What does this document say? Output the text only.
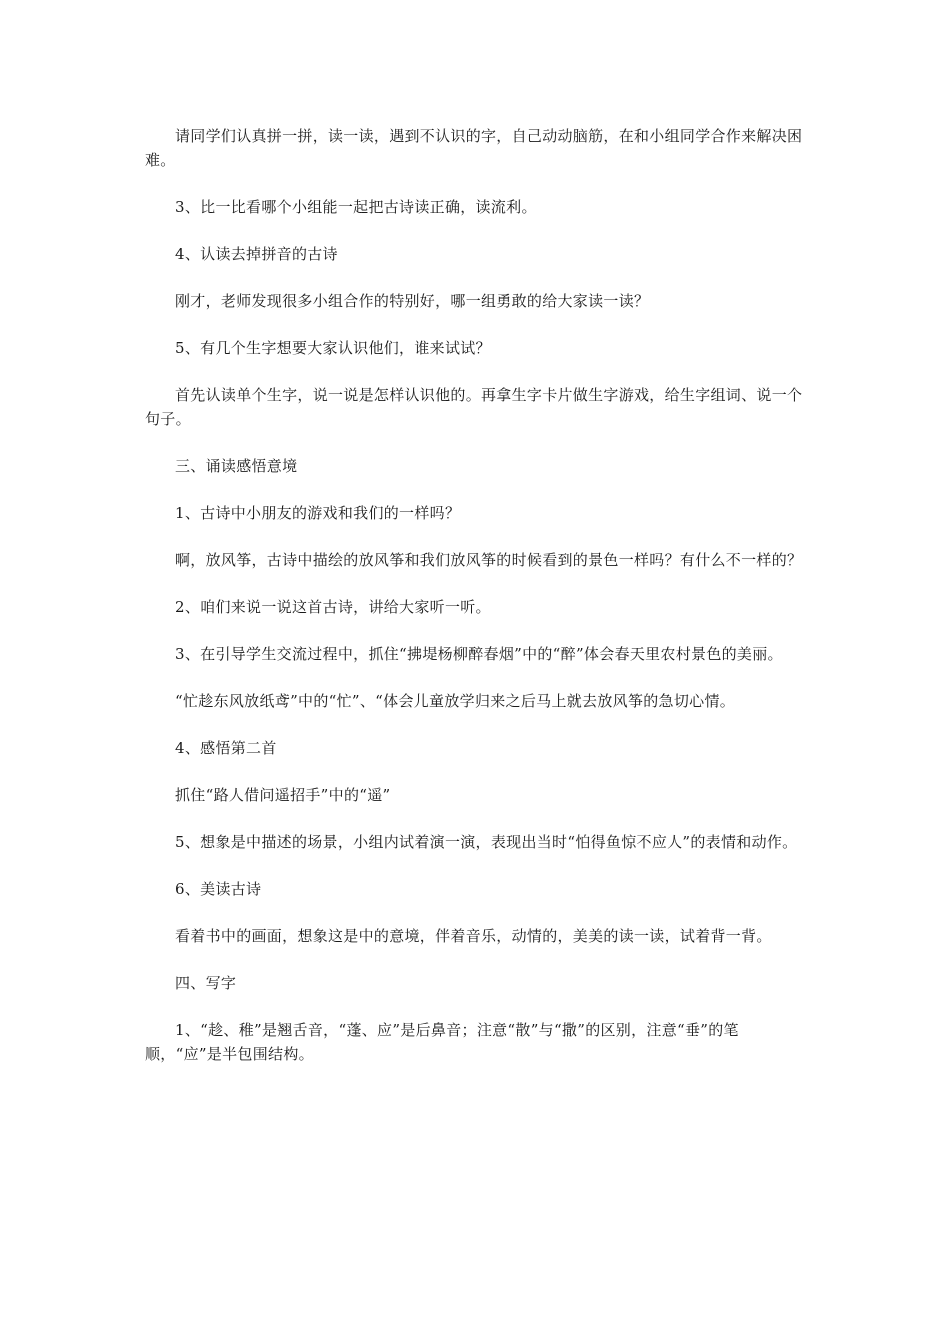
请同学们认真拼一拼，读一读，遇到不认识的字，自己动动脑筋，在和小组同学合作来解决困难。

3、比一比看哪个小组能一起把古诗读正确，读流利。

4、认读去掉拼音的古诗

刚才，老师发现很多小组合作的特别好，哪一组勇敢的给大家读一读？

5、有几个生字想要大家认识他们，谁来试试？

首先认读单个生字，说一说是怎样认识他的。再拿生字卡片做生字游戏，给生字组词、说一个句子。

三、诵读感悟意境

1、古诗中小朋友的游戏和我们的一样吗？

啊，放风筝，古诗中描绘的放风筝和我们放风筝的时候看到的景色一样吗？有什么不一样的？

2、咱们来说一说这首古诗，讲给大家听一听。

3、在引导学生交流过程中，抓住“拂堤杨柳醉春烟”中的“醉”体会春天里农村景色的美丽。

“忙趁东风放纸鸢”中的“忙”、“体会儿童放学归来之后马上就去放风筝的急切心情。

4、感悟第二首

抓住“路人借问遥招手”中的“遥”

5、想象是中描述的场景，小组内试着演一演，表现出当时“怕得鱼惊不应人”的表情和动作。

6、美读古诗

看着书中的画面，想象这是中的意境，伴着音乐，动情的，美美的读一读，试着背一背。

四、写字

1、“趁、稚”是翘舌音，“蓬、应”是后鼻音；注意“散”与“撒”的区别，注意“垂”的笔顺，“应”是半包围结构。
